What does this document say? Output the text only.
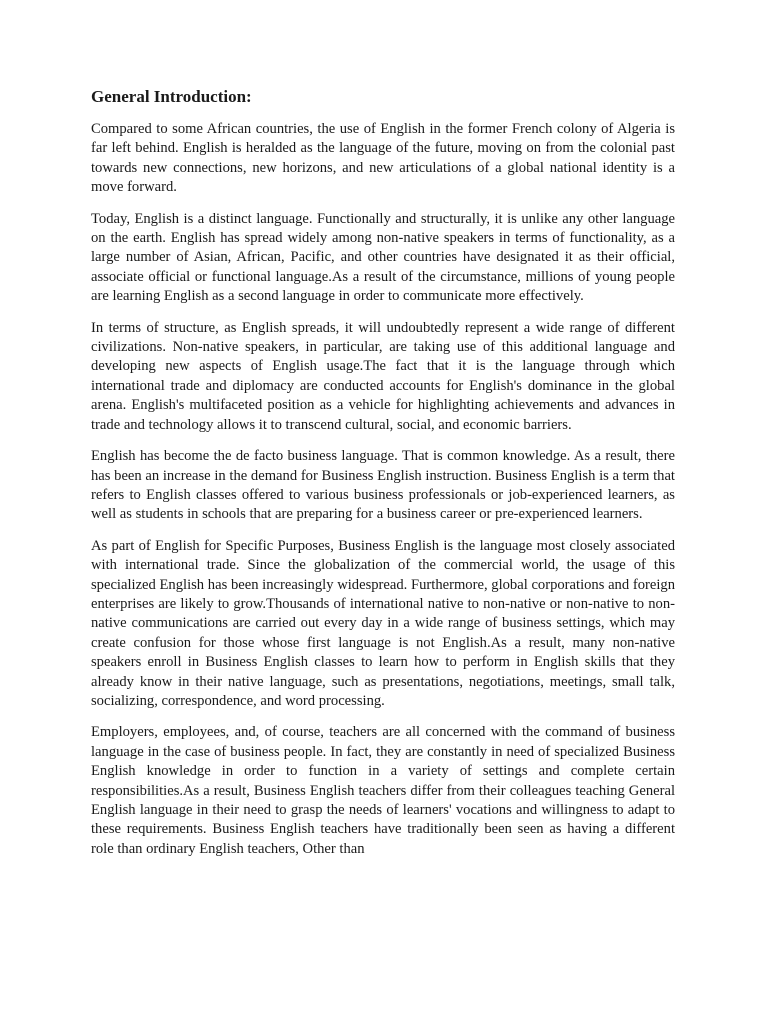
General Introduction:

Compared to some African countries, the use of English in the former French colony of Algeria is far left behind. English is heralded as the language of the future, moving on from the colonial past towards new connections, new horizons, and new articulations of a global national identity is a move forward.

Today, English is a distinct language. Functionally and structurally, it is unlike any other language on the earth. English has spread widely among non-native speakers in terms of functionality, as a large number of Asian, African, Pacific, and other countries have designated it as their official, associate official or functional language.As a result of the circumstance, millions of young people are learning English as a second language in order to communicate more effectively.

In terms of structure, as English spreads, it will undoubtedly represent a wide range of different civilizations. Non-native speakers, in particular, are taking use of this additional language and developing new aspects of English usage.The fact that it is the language through which international trade and diplomacy are conducted accounts for English's dominance in the global arena. English's multifaceted position as a vehicle for highlighting achievements and advances in trade and technology allows it to transcend cultural, social, and economic barriers.

English has become the de facto business language. That is common knowledge. As a result, there has been an increase in the demand for Business English instruction. Business English is a term that refers to English classes offered to various business professionals or job-experienced learners, as well as students in schools that are preparing for a business career or pre-experienced learners.

As part of English for Specific Purposes, Business English is the language most closely associated with international trade. Since the globalization of the commercial world, the usage of this specialized English has been increasingly widespread. Furthermore, global corporations and foreign enterprises are likely to grow.Thousands of international native to non-native or non-native to non-native communications are carried out every day in a wide range of business settings, which may create confusion for those whose first language is not English.As a result, many non-native speakers enroll in Business English classes to learn how to perform in English skills that they already know in their native language, such as presentations, negotiations, meetings, small talk, socializing, correspondence, and word processing.

Employers, employees, and, of course, teachers are all concerned with the command of business language in the case of business people. In fact, they are constantly in need of specialized Business English knowledge in order to function in a variety of settings and complete certain responsibilities.As a result, Business English teachers differ from their colleagues teaching General English language in their need to grasp the needs of learners' vocations and willingness to adapt to these requirements. Business English teachers have traditionally been seen as having a different role than ordinary English teachers, Other than
